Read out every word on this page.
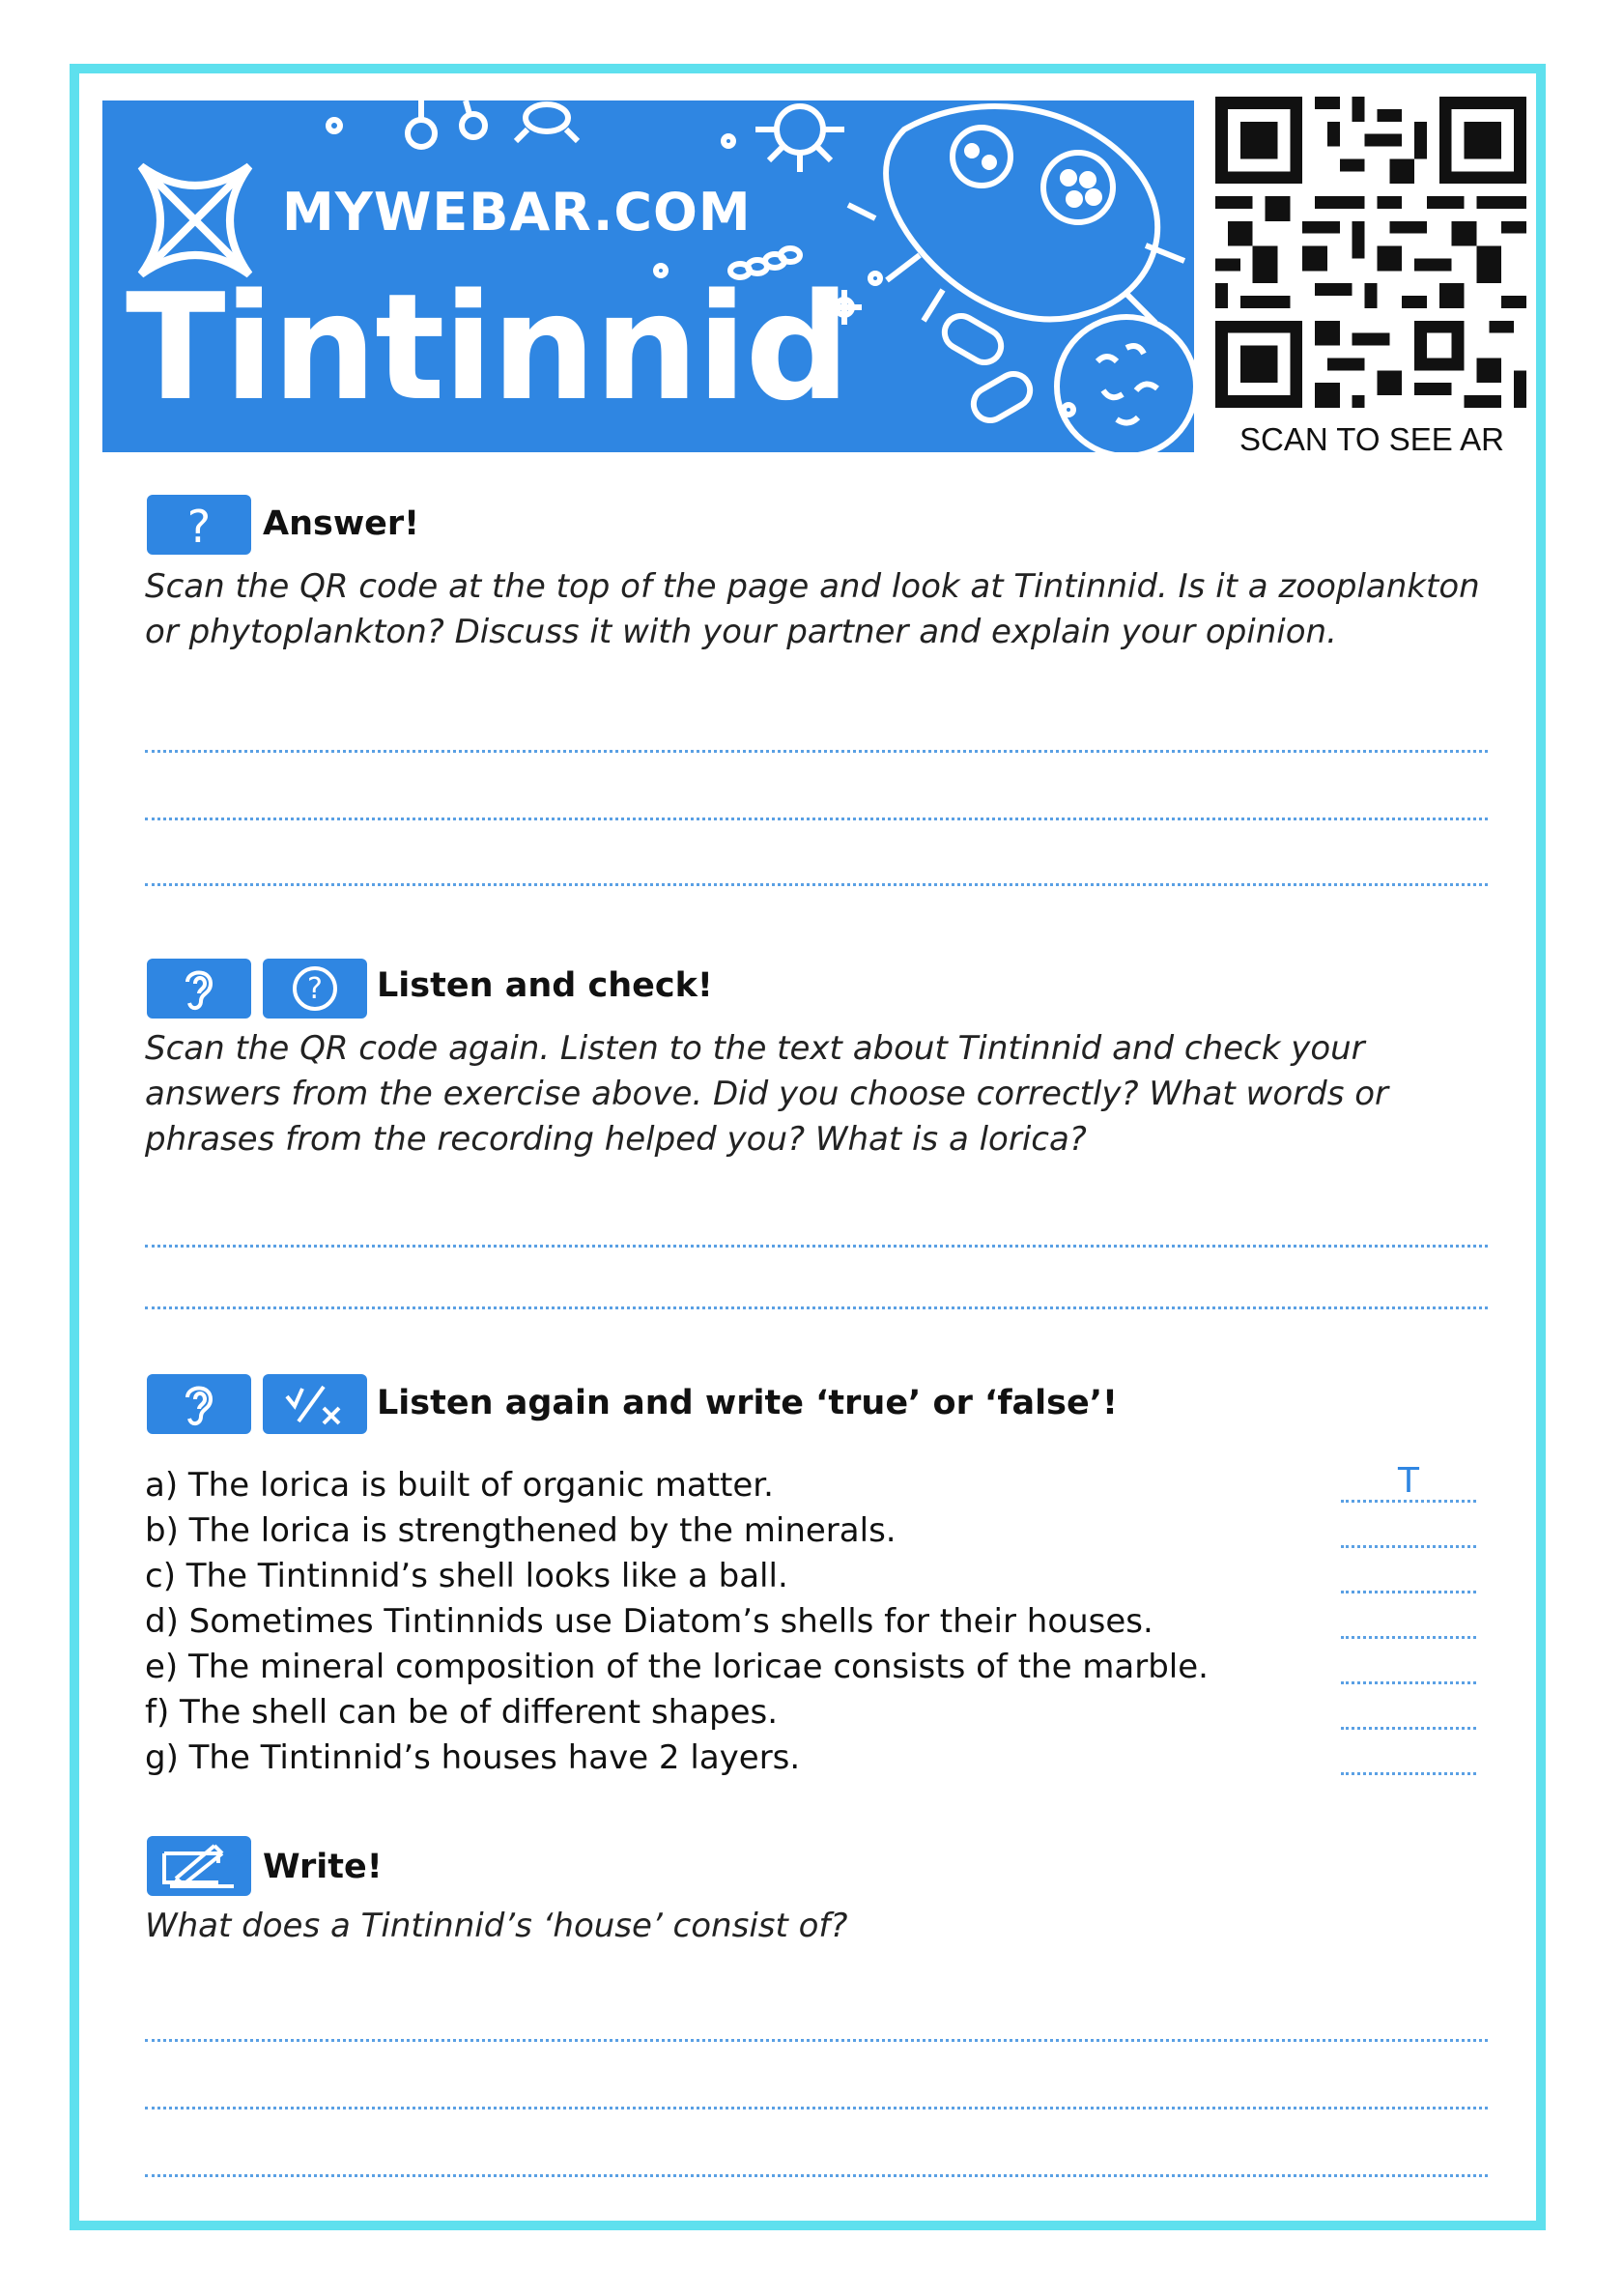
MYWEBAR.COM
Tintinnid
SCAN TO SEE AR
? Answer!
Scan the QR code at the top of the page and look at Tintinnid. Is it a zooplankton or phytoplankton? Discuss it with your partner and explain your opinion.
? Listen and check!
Scan the QR code again. Listen to the text about Tintinnid and check your answers from the exercise above. Did you choose correctly? What words or phrases from the recording helped you? What is a lorica?
Listen again and write ‘true’ or ‘false’!
a) The lorica is built of organic matter.
b) The lorica is strengthened by the minerals.
c) The Tintinnid’s shell looks like a ball.
d) Sometimes Tintinnids use Diatom’s shells for their houses.
e) The mineral composition of the loricae consists of the marble.
f) The shell can be of different shapes.
g) The Tintinnid’s houses have 2 layers.
T
Write!
What does a Tintinnid’s ‘house’ consist of?
